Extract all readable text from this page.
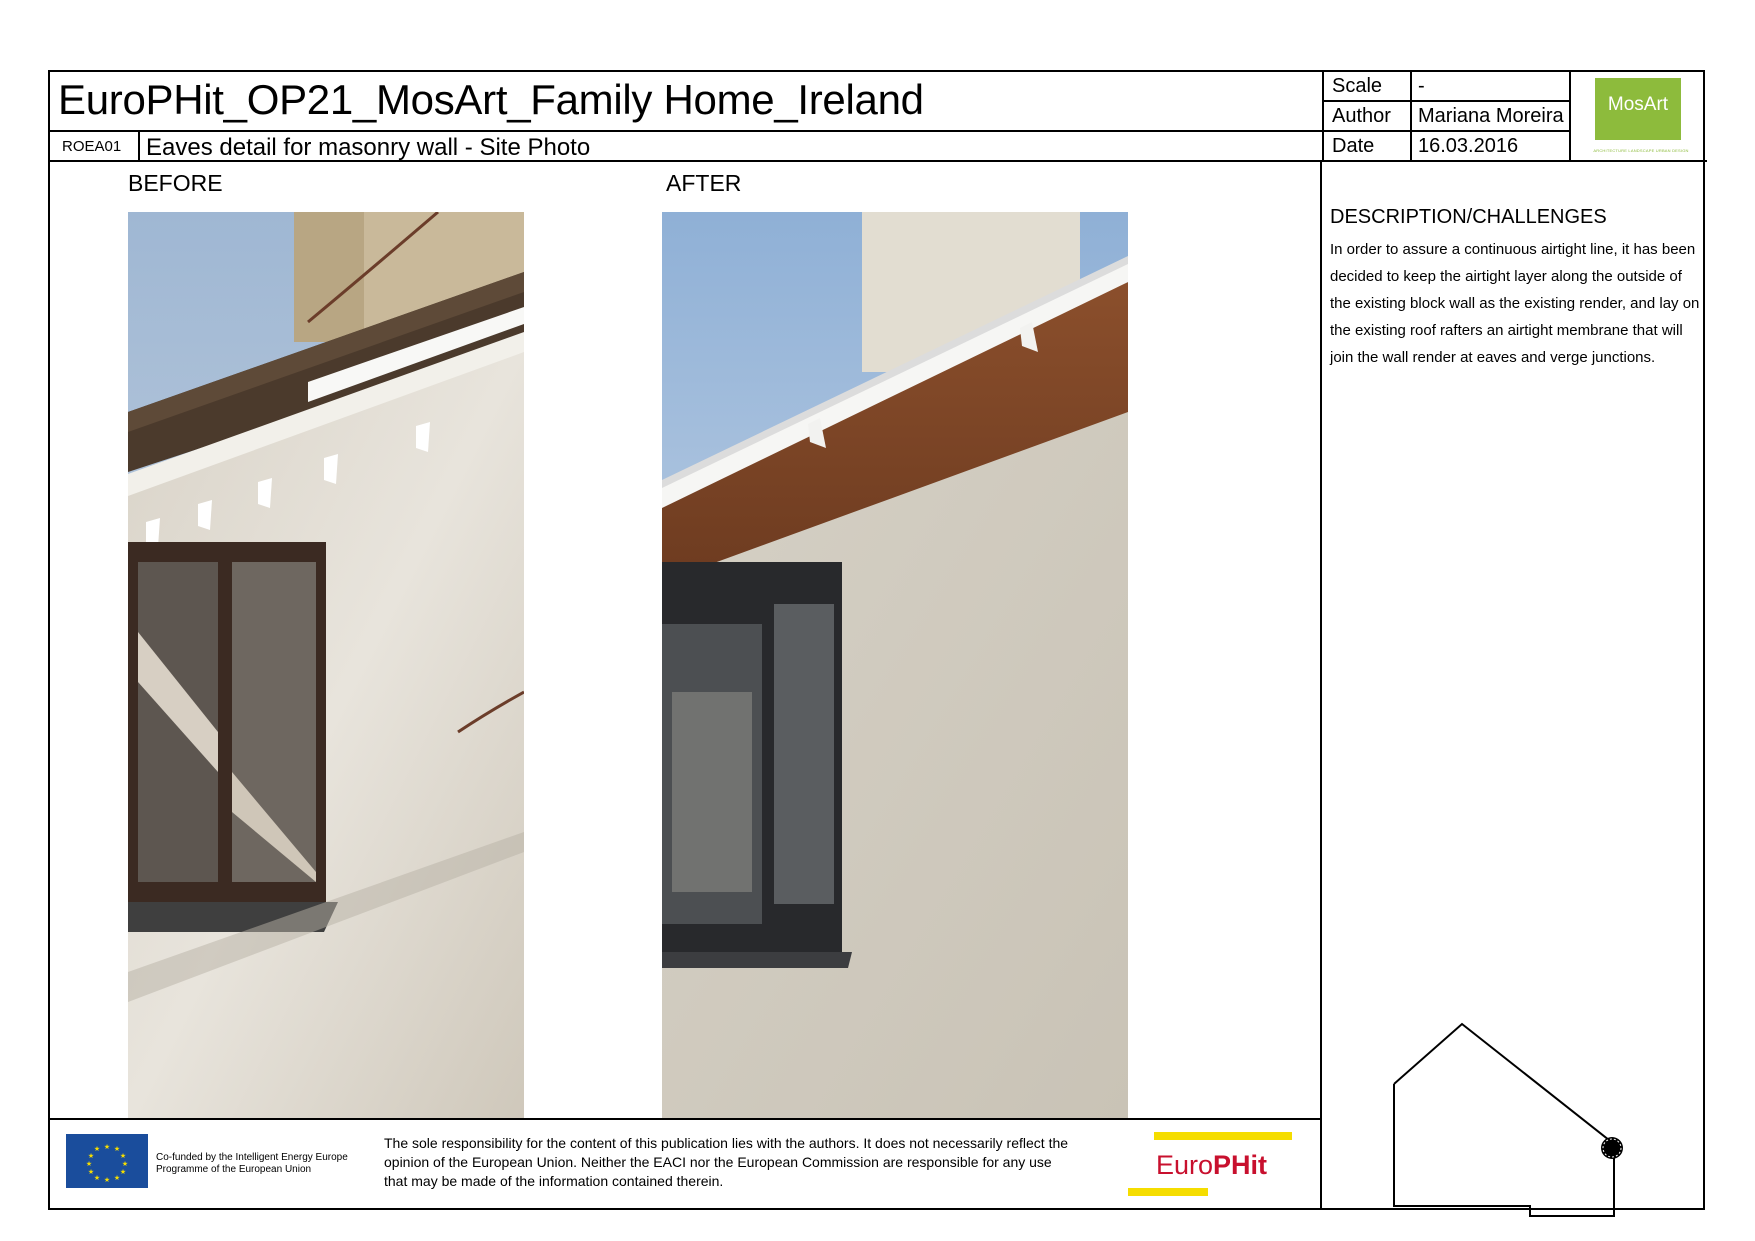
EuroPHit_OP21_MosArt_Family Home_Ireland
ROEA01 Eaves detail for masonry wall - Site Photo
Scale -
Author Mariana Moreira
Date 16.03.2016
MosArt
ARCHITECTURE LANDSCAPE URBAN DESIGN
BEFORE	AFTER
DESCRIPTION/CHALLENGES
In order to assure a continuous airtight line, it has been decided to keep the airtight layer along the outside of the existing block wall as the existing render, and lay on the existing roof rafters an airtight membrane that will join the wall render at eaves and verge junctions.
★ ★
★
★
★
★
★
★
★
★
★
★
Co-funded by the Intelligent Energy Europe Programme of the European Union
The sole responsibility for the content of this publication lies with the authors. It does not necessarily reflect the opinion of the European Union. Neither the EACI nor the European Commission are responsible for any use that may be made of the information contained therein.
EuroPHit
